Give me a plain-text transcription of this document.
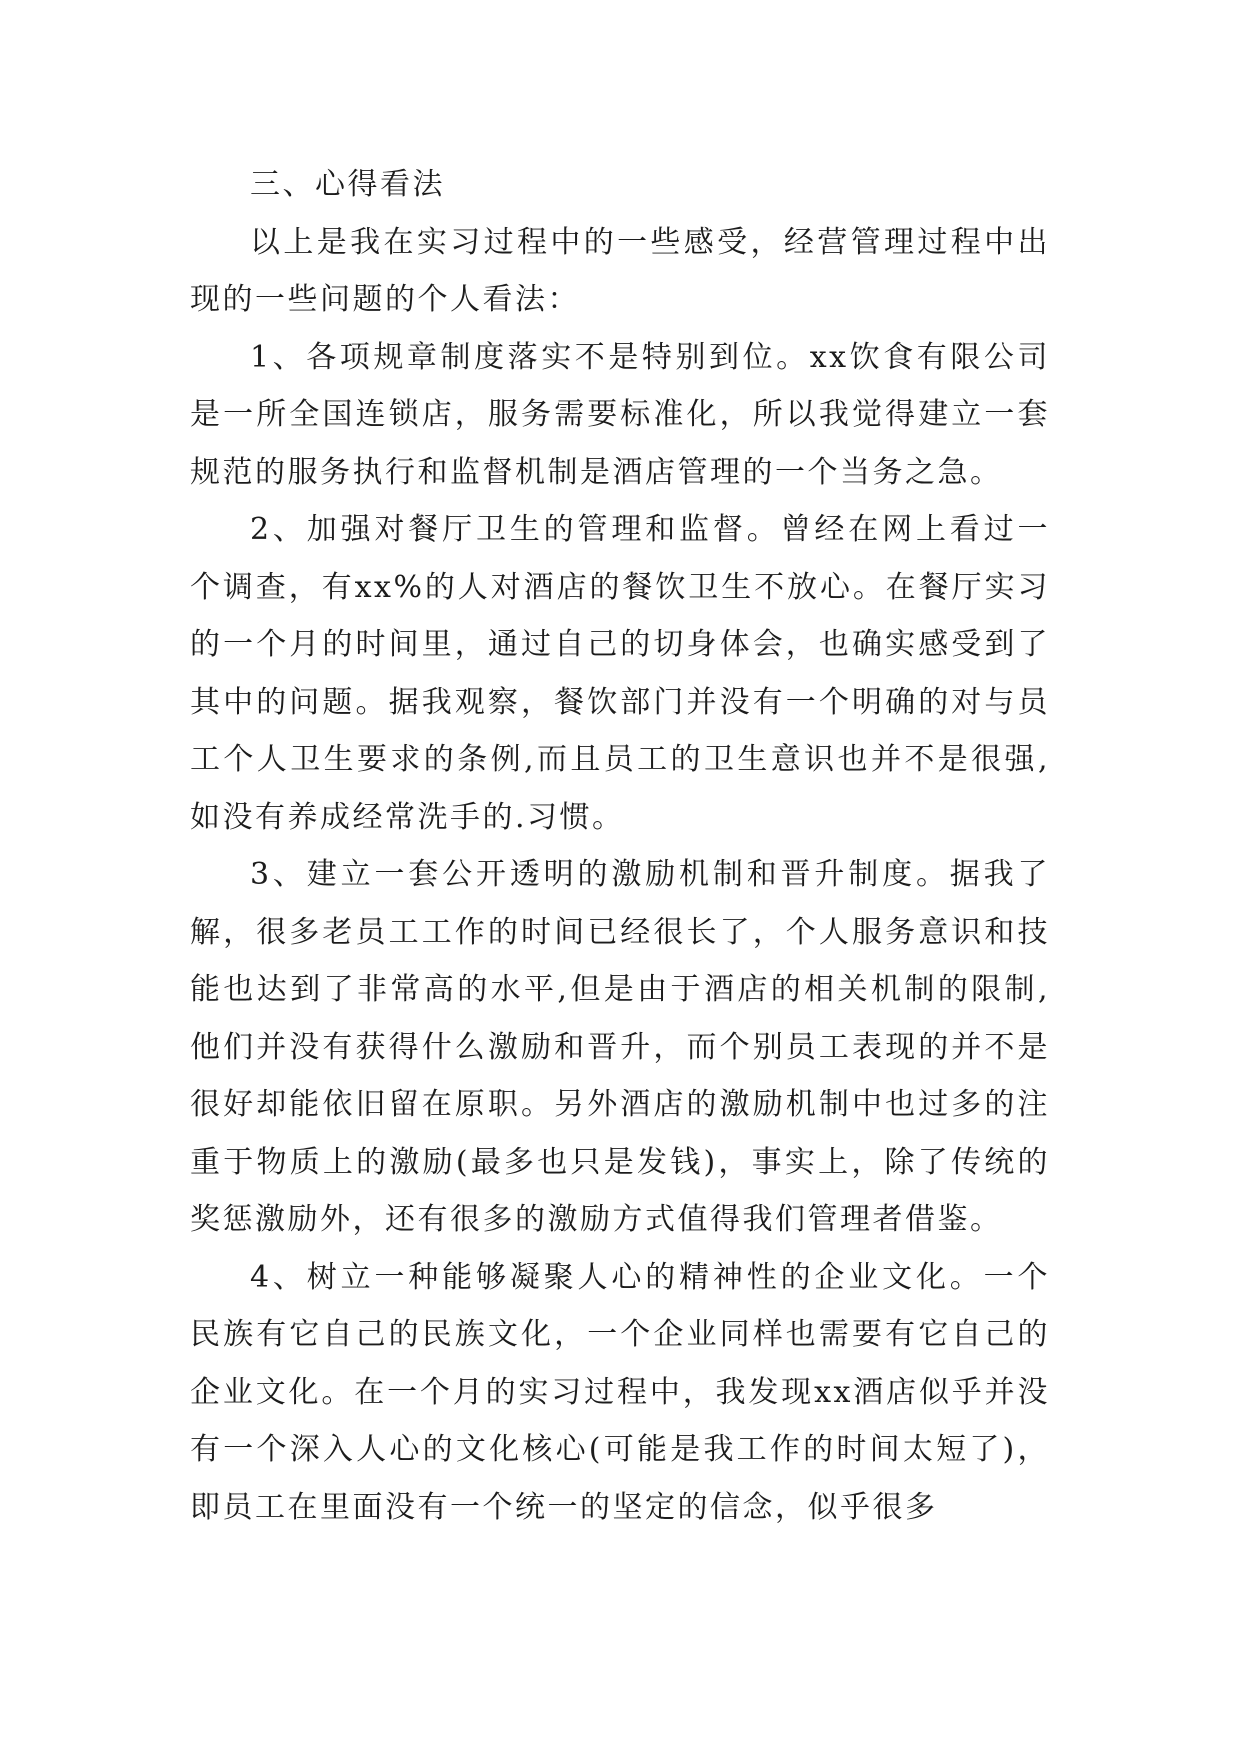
三、心得看法

以上是我在实习过程中的一些感受，经营管理过程中出现的一些问题的个人看法：

1、各项规章制度落实不是特别到位。xx饮食有限公司是一所全国连锁店，服务需要标准化，所以我觉得建立一套规范的服务执行和监督机制是酒店管理的一个当务之急。

2、加强对餐厅卫生的管理和监督。曾经在网上看过一个调查，有xx%的人对酒店的餐饮卫生不放心。在餐厅实习的一个月的时间里，通过自己的切身体会，也确实感受到了其中的问题。据我观察，餐饮部门并没有一个明确的对与员工个人卫生要求的条例,而且员工的卫生意识也并不是很强,如没有养成经常洗手的.习惯。

3、建立一套公开透明的激励机制和晋升制度。据我了解，很多老员工工作的时间已经很长了，个人服务意识和技能也达到了非常高的水平,但是由于酒店的相关机制的限制,他们并没有获得什么激励和晋升，而个别员工表现的并不是很好却能依旧留在原职。另外酒店的激励机制中也过多的注重于物质上的激励(最多也只是发钱)，事实上，除了传统的奖惩激励外，还有很多的激励方式值得我们管理者借鉴。

4、树立一种能够凝聚人心的精神性的企业文化。一个民族有它自己的民族文化，一个企业同样也需要有它自己的企业文化。在一个月的实习过程中，我发现xx酒店似乎并没有一个深入人心的文化核心(可能是我工作的时间太短了)，即员工在里面没有一个统一的坚定的信念，似乎很多
